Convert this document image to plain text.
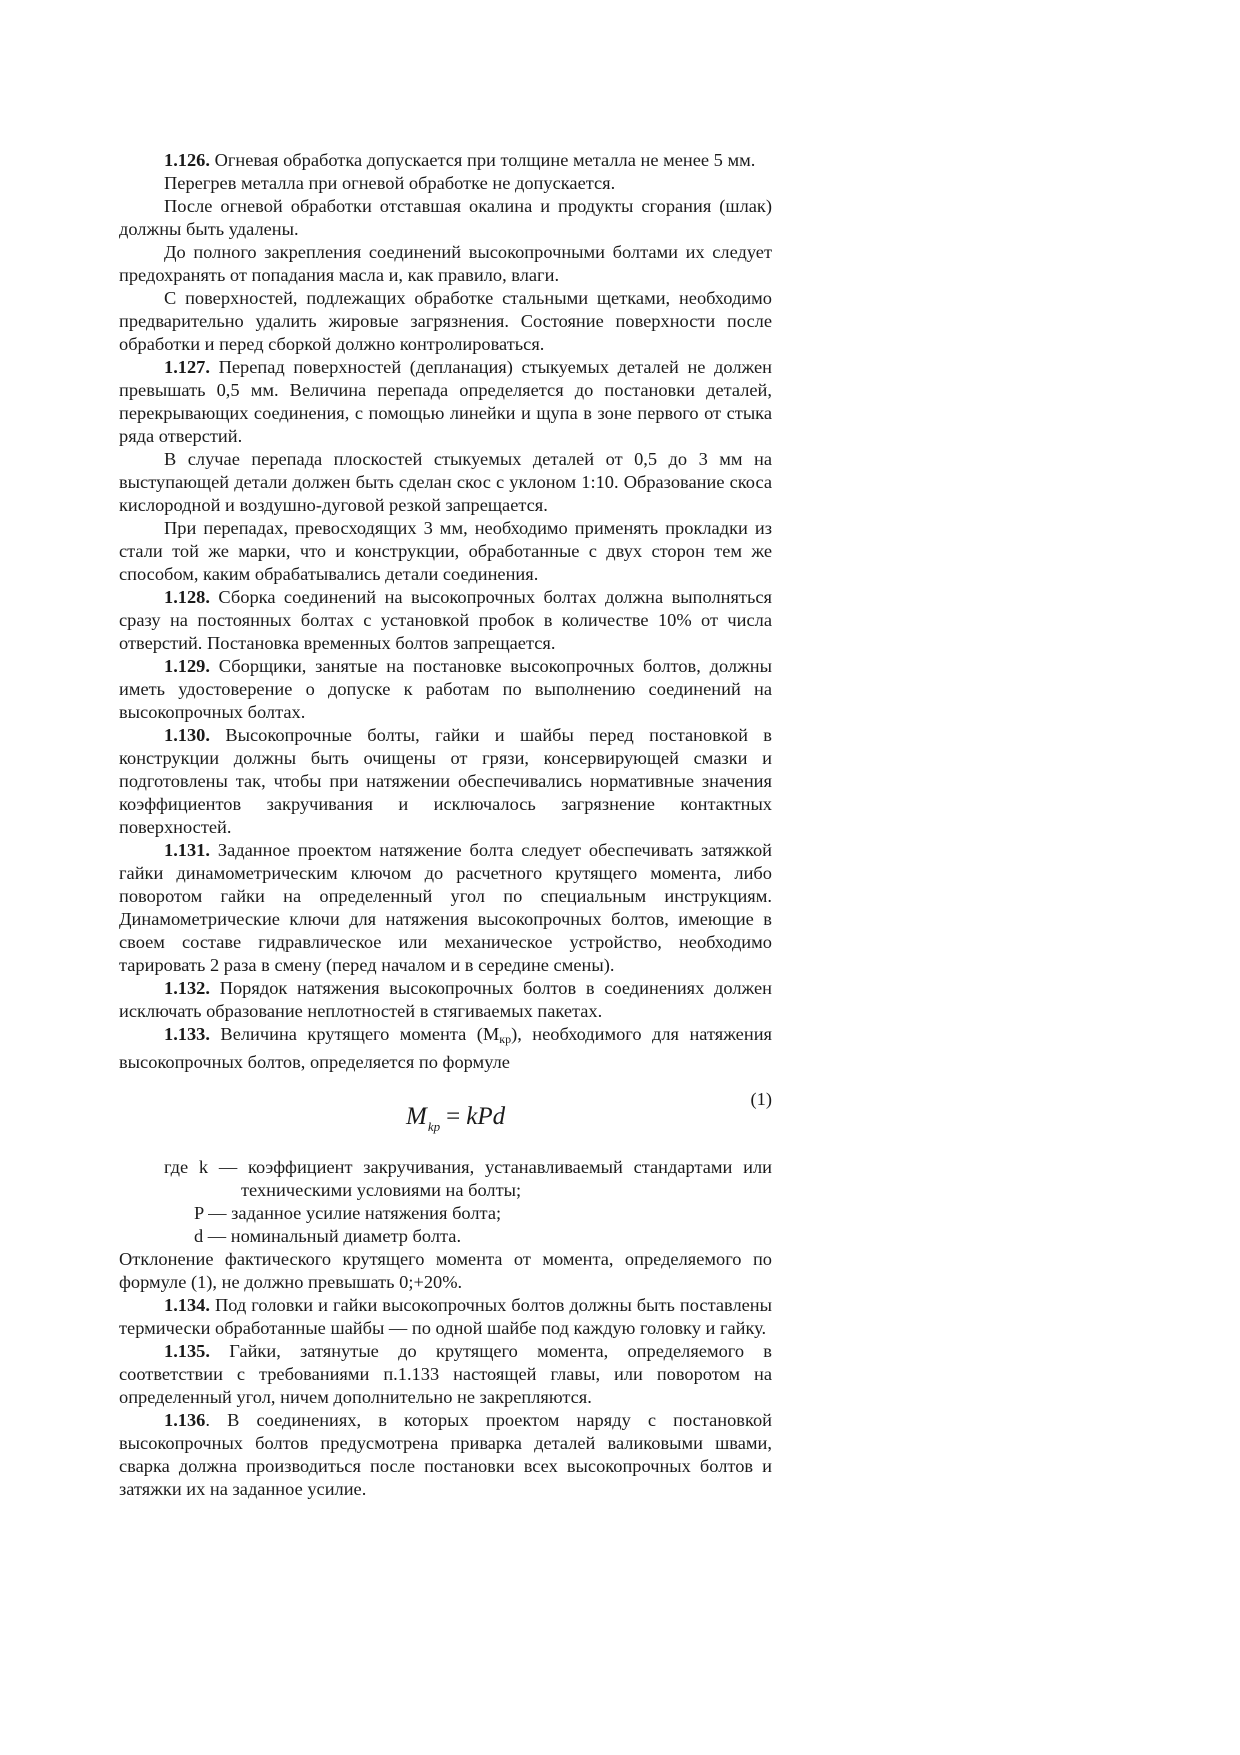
1.126. Огневая обработка допускается при толщине металла не менее 5 мм.

Перегрев металла при огневой обработке не допускается.

После огневой обработки отставшая окалина и продукты сгорания (шлак) должны быть удалены.

До полного закрепления соединений высокопрочными болтами их следует предохранять от попадания масла и, как правило, влаги.

С поверхностей, подлежащих обработке стальными щетками, необходимо предварительно удалить жировые загрязнения. Состояние поверхности после обработки и перед сборкой должно контролироваться.

1.127. Перепад поверхностей (депланация) стыкуемых деталей не должен превышать 0,5 мм. Величина перепада определяется до постановки деталей, перекрывающих соединения, с помощью линейки и щупа в зоне первого от стыка ряда отверстий.

В случае перепада плоскостей стыкуемых деталей от 0,5 до 3 мм на выступающей детали должен быть сделан скос с уклоном 1:10. Образование скоса кислородной и воздушно-дуговой резкой запрещается.

При перепадах, превосходящих 3 мм, необходимо применять прокладки из стали той же марки, что и конструкции, обработанные с двух сторон тем же способом, каким обрабатывались детали соединения.

1.128. Сборка соединений на высокопрочных болтах должна выполняться сразу на постоянных болтах с установкой пробок в количестве 10% от числа отверстий. Постановка временных болтов запрещается.

1.129. Сборщики, занятые на постановке высокопрочных болтов, должны иметь удостоверение о допуске к работам по выполнению соединений на высокопрочных болтах.

1.130. Высокопрочные болты, гайки и шайбы перед постановкой в конструкции должны быть очищены от грязи, консервирующей смазки и подготовлены так, чтобы при натяжении обеспечивались нормативные значения коэффициентов закручивания и исключалось загрязнение контактных поверхностей.

1.131. Заданное проектом натяжение болта следует обеспечивать затяжкой гайки динамометрическим ключом до расчетного крутящего момента, либо поворотом гайки на определенный угол по специальным инструкциям. Динамометрические ключи для натяжения высокопрочных болтов, имеющие в своем составе гидравлическое или механическое устройство, необходимо тарировать 2 раза в смену (перед началом и в середине смены).

1.132. Порядок натяжения высокопрочных болтов в соединениях должен исключать образование неплотностей в стягиваемых пакетах.

1.133. Величина крутящего момента (Мкр), необходимого для натяжения высокопрочных болтов, определяется по формуле

(1)
$M_{kp}$ = kPd

где k — коэффициент закручивания, устанавливаемый стандартами или техническими условиями на болты;

P — заданное усилие натяжения болта;

d — номинальный диаметр болта.

Отклонение фактического крутящего момента от момента, определяемого по формуле (1), не должно превышать 0;+20%.

1.134. Под головки и гайки высокопрочных болтов должны быть поставлены термически обработанные шайбы — по одной шайбе под каждую головку и гайку.

1.135. Гайки, затянутые до крутящего момента, определяемого в соответствии с требованиями п.1.133 настоящей главы, или поворотом на определенный угол, ничем дополнительно не закрепляются.

1.136. В соединениях, в которых проектом наряду с постановкой высокопрочных болтов предусмотрена приварка деталей валиковыми швами, сварка должна производиться после постановки всех высокопрочных болтов и затяжки их на заданное усилие.
